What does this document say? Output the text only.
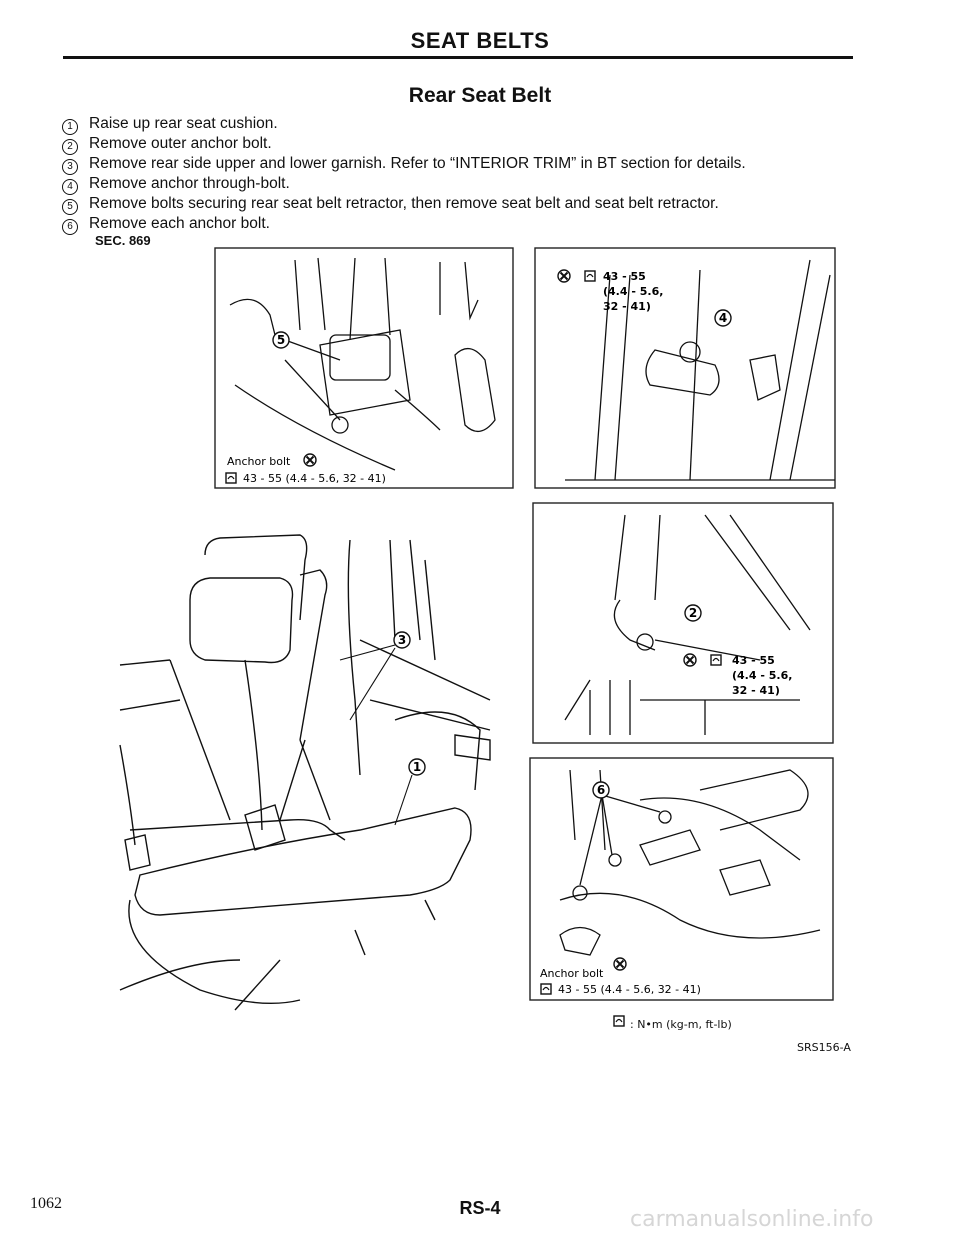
SEAT BELTS
Rear Seat Belt
1	Raise up rear seat cushion.
2	Remove outer anchor bolt.
3	Remove rear side upper and lower garnish. Refer to “INTERIOR TRIM” in BT section for details.
4	Remove anchor through-bolt.
5	Remove bolts securing rear seat belt retractor, then remove seat belt and seat belt retractor.
6	Remove each anchor bolt.
SEC. 869
5
Anchor bolt
43 - 55 (4.4 - 5.6, 32 - 41)
43 - 55
(4.4 - 5.6,
32 - 41)
4
2
43 - 55
(4.4 - 5.6,
32 - 41)
6
Anchor bolt
43 - 55 (4.4 - 5.6, 32 - 41)
3
1
: N•m (kg-m, ft-lb)
SRS156-A
1062	RS-4	carmanualsonline.info
